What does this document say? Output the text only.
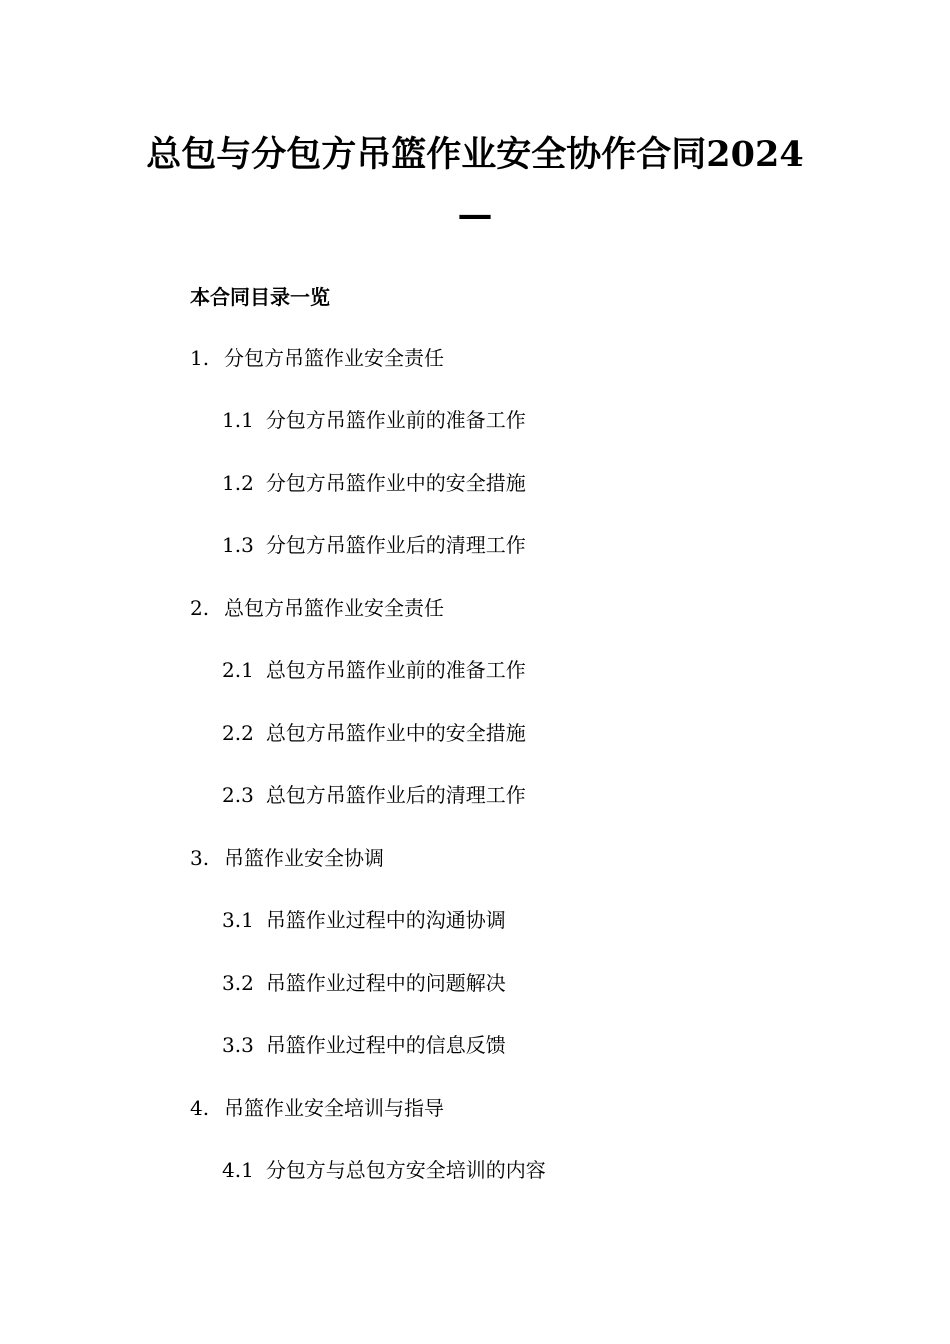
总包与分包方吊篮作业安全协作合同2024
—
本合同目录一览
1. 分包方吊篮作业安全责任
1.1 分包方吊篮作业前的准备工作
1.2 分包方吊篮作业中的安全措施
1.3 分包方吊篮作业后的清理工作
2. 总包方吊篮作业安全责任
2.1 总包方吊篮作业前的准备工作
2.2 总包方吊篮作业中的安全措施
2.3 总包方吊篮作业后的清理工作
3. 吊篮作业安全协调
3.1 吊篮作业过程中的沟通协调
3.2 吊篮作业过程中的问题解决
3.3 吊篮作业过程中的信息反馈
4. 吊篮作业安全培训与指导
4.1 分包方与总包方安全培训的内容
